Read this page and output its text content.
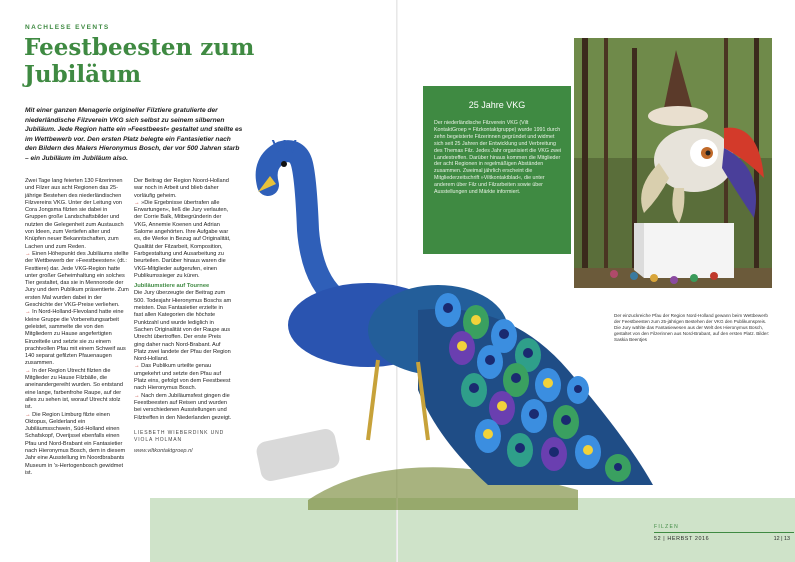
NACHLESE EVENTS
Feestbeesten zum Jubiläum

Mit einer ganzen Menagerie origineller Filztiere gratulierte der niederländische Filzverein VKG sich selbst zu seinem silbernen Jubiläum. Jede Region hatte ein »Feestbeest« gestaltet und stellte es im Wettbewerb vor. Den ersten Platz belegte ein Fantasietier nach den Bildern des Malers Hieronymus Bosch, der vor 500 Jahren starb – ein Jubiläum im Jubiläum also.

Zwei Tage lang feierten 130 Filzerinnen und Filzer aus acht Regionen das 25-jährige Bestehen des niederländischen Filzvereins VKG. Unter der Leitung von Cora Jongsma filzten sie dabei in Gruppen große Landschaftsbilder und nutzten die Gelegenheit zum Austausch von Ideen, zum Vertiefen alter und Knüpfen neuer Bekanntschaften, zum Lachen und zum Reden.

→ Einen Höhepunkt des Jubiläums stellte der Wettbewerb der »Feestbeesten« (dt.: Festtiere) dar. Jede VKG-Region hatte unter großer Geheimhaltung ein solches Tier gestaltet, das sie in Mennorode der Jury und dem Publikum präsentierte. Zum ersten Mal wurden dabei in der Geschichte der VKG-Preise verliehen.

→ In Nord-Holland-Flevoland hatte eine kleine Gruppe die Vorbereitungsarbeit geleistet, sammelte die von den Mitgliedern zu Hause angefertigten Einzelteile und setzte sie zu einem prachtvollen Pfau mit einem Schweif aus 140 separat gefilzten Pfauenaugen zusammen.

→ In der Region Utrecht filzten die Mitglieder zu Hause Filzbälle, die aneinandergereiht wurden. So entstand eine lange, farbenfrohe Raupe, auf der alles zu sehen ist, worauf Utrecht stolz ist.

→ Die Region Limburg filzte einen Oktopus, Gelderland ein Jubiläumsschwein, Süd-Holland einen Schafskopf, Overijssel ebenfalls einen Pfau und Nord-Brabant ein Fantasietier nach Hieronymus Bosch, dem in diesem Jahr eine Ausstellung im Noordbrabants Museum in 's-Hertogenbosch gewidmet ist.

Der Beitrag der Region Noord-Holland war noch in Arbeit und blieb daher vorläufig geheim.

→ »Die Ergebnisse übertrafen alle Erwartungen«, ließ die Jury verlauten, der Corrie Balk, Mitbegründerin der VKG, Annemie Koenen und Adrian Salome angehörten. Ihre Aufgabe war es, die Werke in Bezug auf Originalität, Qualität der Filzarbeit, Komposition, Farbgestaltung und Ausarbeitung zu beurteilen. Darüber hinaus waren die VKG-Mitglieder aufgerufen, einen Publikumssieger zu küren.

Jubiläumstiere auf Tournee

Die Jury überzeugte der Beitrag zum 500. Todesjahr Hieronymus Boschs am meisten. Das Fantasietier erzielte in fast allen Kategorien die höchste Punktzahl und wurde lediglich in Sachen Originalität von der Raupe aus Utrecht übertroffen. Der erste Preis ging daher nach Nord-Brabant. Auf Platz zwei landete der Pfau der Region Nord-Holland.

→ Das Publikum urteilte genau umgekehrt und setzte den Pfau auf Platz eins, gefolgt von dem Feestbeest nach Hieronymus Bosch.

→ Nach dem Jubiläumsfest gingen die Feestbeesten auf Reisen und wurden bei verschiedenen Ausstellungen und Filztreffen in den Niederlanden gezeigt.

LIESBETH WIEBERDINK UND VIOLA HOLMAN

www.viltkontaktgroep.nl

25 Jahre VKG

Der niederländische Filzverein VKG (Vilt KontaktGroep = Filzkontaktgruppe) wurde 1991 durch zehn begeisterte Filzerinnen gegründet und widmet sich seit 25 Jahren der Entwicklung und Verbreitung des Themas Filz. Jedes Jahr organisiert die VKG zwei Landestreffen. Darüber hinaus kommen die Mitglieder der acht Regionen in regelmäßigen Abständen zusammen. Zweimal jährlich erscheint die Mitgliederzeitschrift »Viltkontaktblad«, die unter anderem über Filz und Filzarbeiten sowie über Ausstellungen und Märkte informiert.

Der einzuckreiche Pfau der Region Nord-Holland gewann beim Wettbewerb der Feestbeesten zum 25-jährigen Bestehen der VKG den Publikumspreis. Die Jury wählte das Fantasiewesen aus der Welt des Hieronymus Bosch, gestaltet von den Filzerinnen aus Nord-Brabant, auf den ersten Platz. Bilder: Saskia Beentjes

FILZEN
52 | HERBST 2016	12 | 13
